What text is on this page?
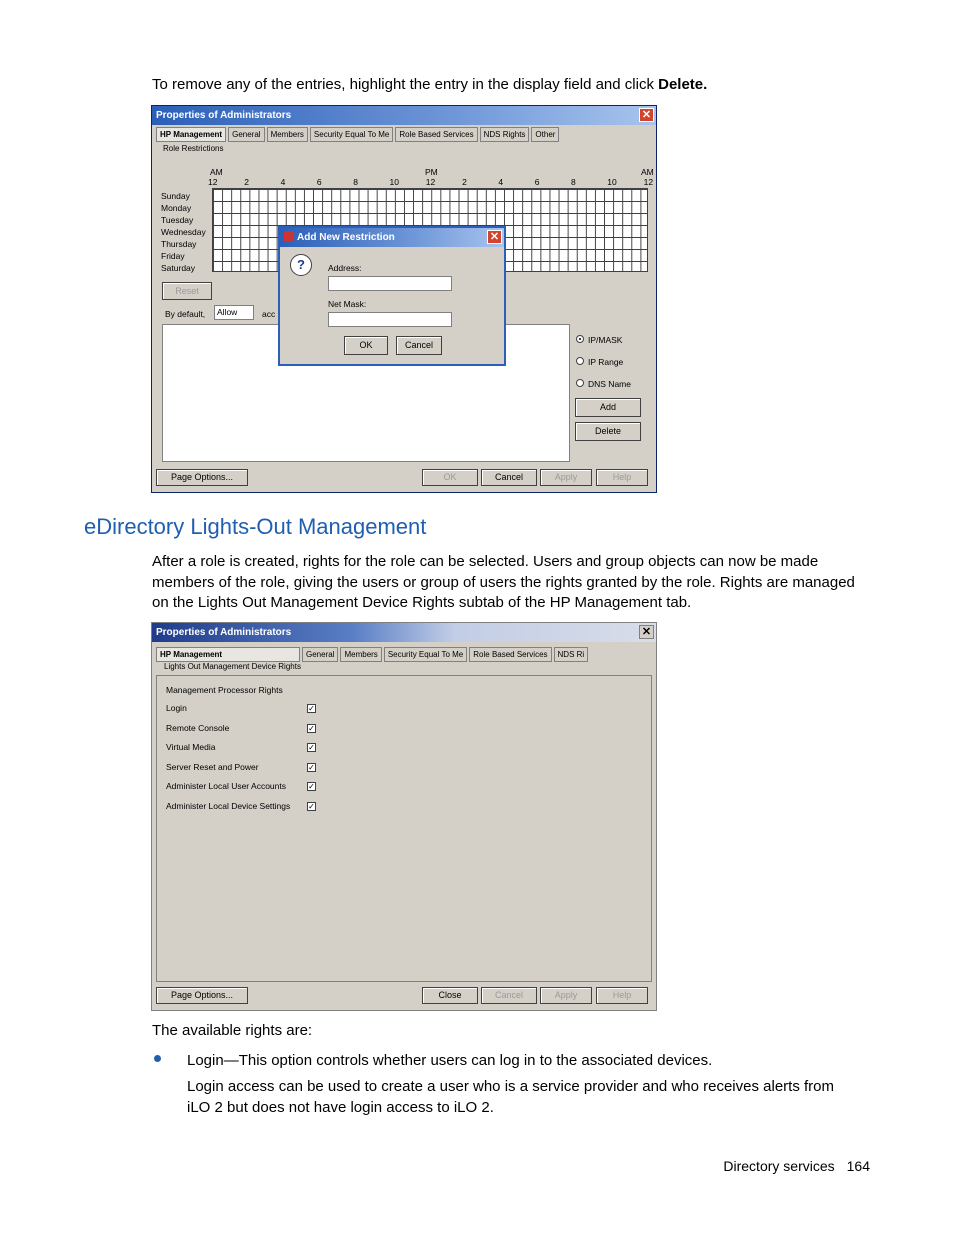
To remove any of the entries, highlight the entry in the display field and click Delete.
Properties of Administrators	✕
HP Management	General	Members	Security Equal To Me	Role Based Services	NDS Rights	Other
Role Restrictions
AM	PM	AM
12	2	4	6	8	10	12	2	4	6	8	10	12
Sunday
Monday
Tuesday
Wednesday
Thursday
Friday
Saturday
Reset
By default,	Allow	acc
IP/MASK
IP Range
DNS Name
Add
Delete
Page Options...	OK	Cancel	Apply	Help
Add New Restriction	✕
?	Address:
Net Mask:
OK	Cancel
eDirectory Lights-Out Management
After a role is created, rights for the role can be selected. Users and group objects can now be made
members of the role, giving the users or group of users the rights granted by the role. Rights are managed
on the Lights Out Management Device Rights subtab of the HP Management tab.
Properties of Administrators	✕
HP Management	General	Members	Security Equal To Me	Role Based Services	NDS Ri
Lights Out Management Device Rights
Management Processor Rights
Login	✓
Remote Console	✓
Virtual Media	✓
Server Reset and Power	✓
Administer Local User Accounts	✓
Administer Local Device Settings ✓
Page Options...	Close	Cancel	Apply	Help
The available rights are:
Login—This option controls whether users can log in to the associated devices.
Login access can be used to create a user who is a service provider and who receives alerts from
iLO 2 but does not have login access to iLO 2.
Directory services 164
